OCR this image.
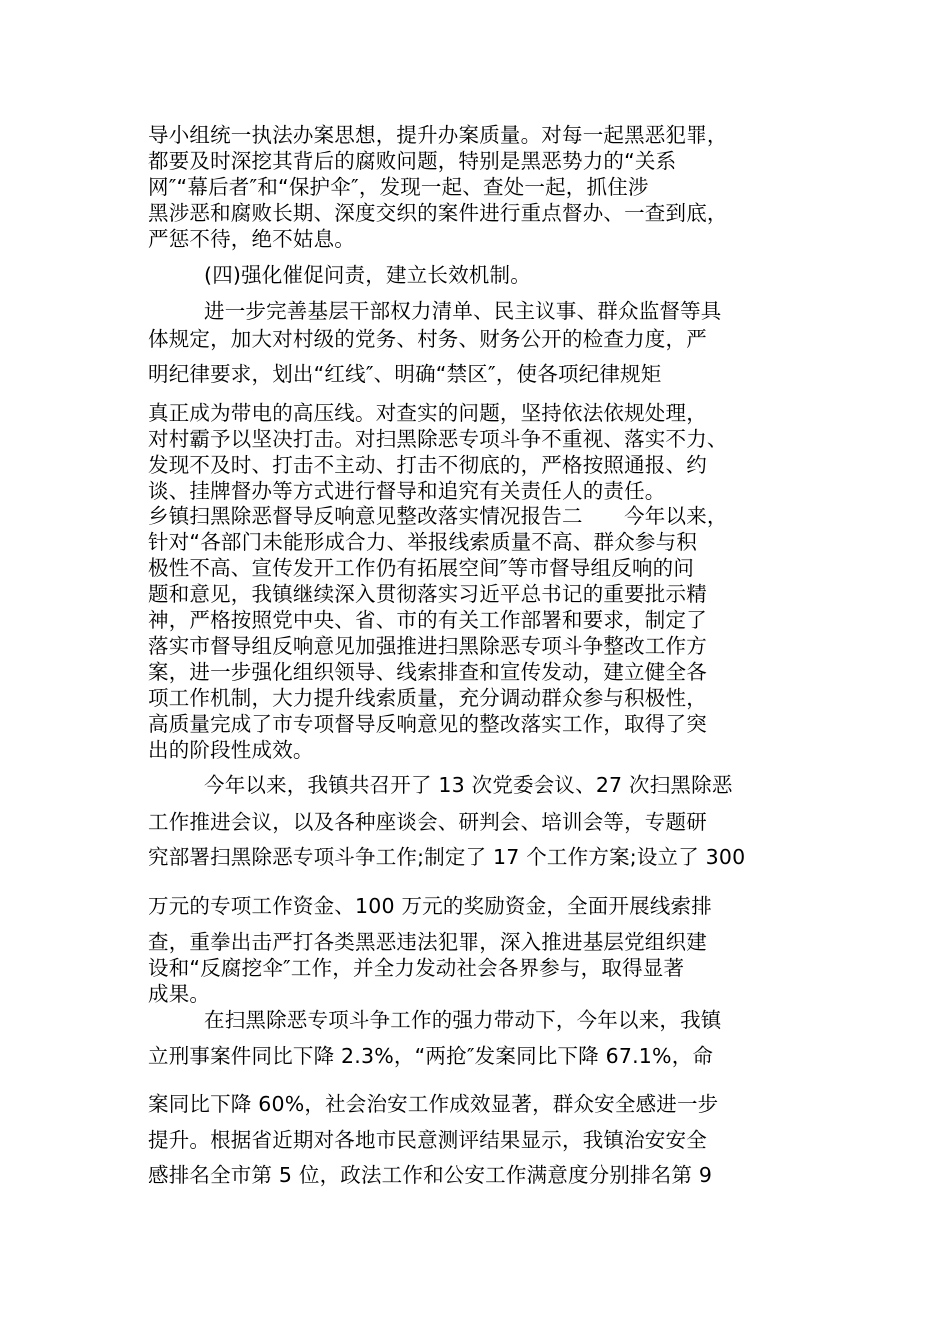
导小组统一执法办案思想，提升办案质量。对每一起黑恶犯罪，
都要及时深挖其背后的腐败问题，特别是黑恶势力的“关系
网″“幕后者″和“保护伞″，发现一起、查处一起，抓住涉
黑涉恶和腐败长期、深度交织的案件进行重点督办、一查到底，
严惩不待，绝不姑息。
(四)强化催促问责，建立长效机制。
进一步完善基层干部权力清单、民主议事、群众监督等具
体规定，加大对村级的党务、村务、财务公开的检查力度，严
明纪律要求，划出“红线″、明确“禁区″，使各项纪律规矩
真正成为带电的高压线。对查实的问题，坚持依法依规处理，
对村霸予以坚决打击。对扫黑除恶专项斗争不重视、落实不力、
发现不及时、打击不主动、打击不彻底的，严格按照通报、约
谈、挂牌督办等方式进行督导和追究有关责任人的责任。
乡镇扫黑除恶督导反响意见整改落实情况报告二　　今年以来，
针对“各部门未能形成合力、举报线索质量不高、群众参与积
极性不高、宣传发开工作仍有拓展空间″等市督导组反响的问
题和意见，我镇继续深入贯彻落实习近平总书记的重要批示精
神，严格按照党中央、省、市的有关工作部署和要求，制定了
落实市督导组反响意见加强推进扫黑除恶专项斗争整改工作方
案，进一步强化组织领导、线索排查和宣传发动，建立健全各
项工作机制，大力提升线索质量，充分调动群众参与积极性，
高质量完成了市专项督导反响意见的整改落实工作，取得了突
出的阶段性成效。
今年以来，我镇共召开了 13 次党委会议、27 次扫黑除恶
工作推进会议，以及各种座谈会、研判会、培训会等，专题研
究部署扫黑除恶专项斗争工作;制定了 17 个工作方案;设立了 300
万元的专项工作资金、100 万元的奖励资金，全面开展线索排
查，重拳出击严打各类黑恶违法犯罪，深入推进基层党组织建
设和“反腐挖伞″工作，并全力发动社会各界参与，取得显著
成果。
在扫黑除恶专项斗争工作的强力带动下，今年以来，我镇
立刑事案件同比下降 2.3%，“两抢″发案同比下降 67.1%，命
案同比下降 60%，社会治安工作成效显著，群众安全感进一步
提升。根据省近期对各地市民意测评结果显示，我镇治安安全
感排名全市第 5 位，政法工作和公安工作满意度分别排名第 9
